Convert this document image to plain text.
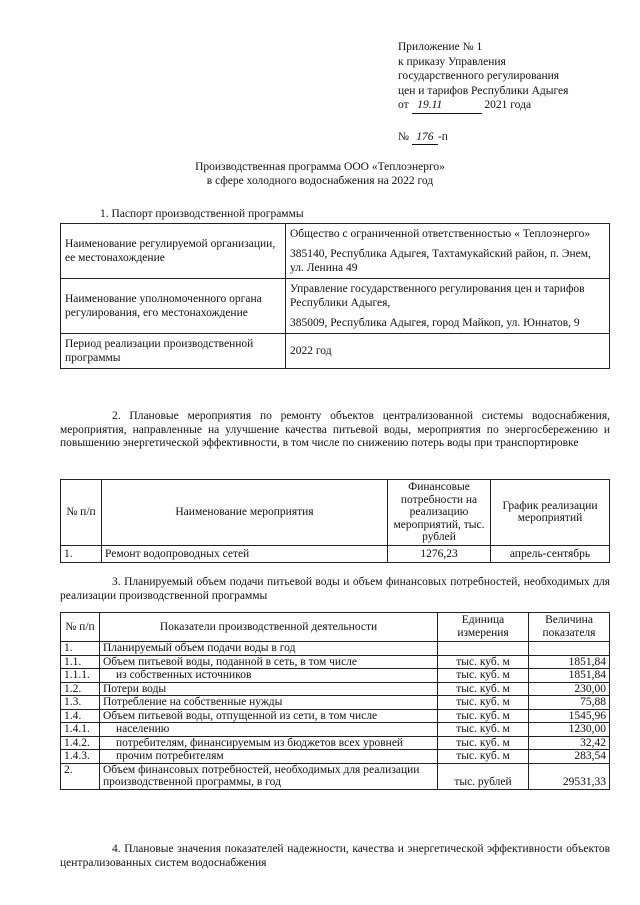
Приложение № 1
к приказу Управления
государственного регулирования
цен и тарифов Республики Адыгея
от 19.11	2021 года
№ 176 -п
Производственная программа ООО «Теплоэнерго»
в сфере холодного водоснабжения на 2022 год
1. Паспорт производственной программы
Наименование регулируемой организации, ее местонахождение	Общество с ограниченной ответственностью « Теплоэнерго»
385140, Республика Адыгея, Тахтамукайский район, п. Энем, ул. Ленина 49

Наименование уполномоченного органа регулирования, его местонахождение	Управление государственного регулирования цен и тарифов Республики Адыгея,
385009, Республика Адыгея, город Майкоп, ул. Юннатов, 9

Период реализации производственной программы	2022 год
2. Плановые мероприятия по ремонту объектов централизованной системы водоснабжения, мероприятия, направленные на улучшение качества питьевой воды, мероприятия по энергосбережению и повышению энергетической эффективности, в том числе по снижению потерь воды при транспортировке
№ п/п	Наименование мероприятия	Финансовые потребности на реализацию мероприятий, тыс. рублей	График реализации мероприятий
1.	Ремонт водопроводных сетей	1276,23	апрель-сентябрь
3. Планируемый объем подачи питьевой воды и объем финансовых потребностей, необходимых для реализации производственной программы
№ п/п	Показатели производственной деятельности	Единица измерения	Величина показателя
1.	Планируемый объем подачи воды в год		
1.1.	Объем питьевой воды, поданной в сеть, в том числе	тыс. куб. м	1851,84
1.1.1.	из собственных источников	тыс. куб. м	1851,84
1.2.	Потери воды	тыс. куб. м	230,00
1.3.	Потребление на собственные нужды	тыс. куб. м	75,88
1.4.	Объем питьевой воды, отпущенной из сети, в том числе	тыс. куб. м	1545,96
1.4.1.	населению	тыс. куб. м	1230,00
1.4.2.	потребителям, финансируемым из бюджетов всех уровней	тыс. куб. м	32,42
1.4.3.	прочим потребителям	тыс. куб. м	283,54
2.	Объем финансовых потребностей, необходимых для реализации производственной программы, в год	тыс. рублей	29531,33
4. Плановые значения показателей надежности, качества и энергетической эффективности объектов централизованных систем водоснабжения
